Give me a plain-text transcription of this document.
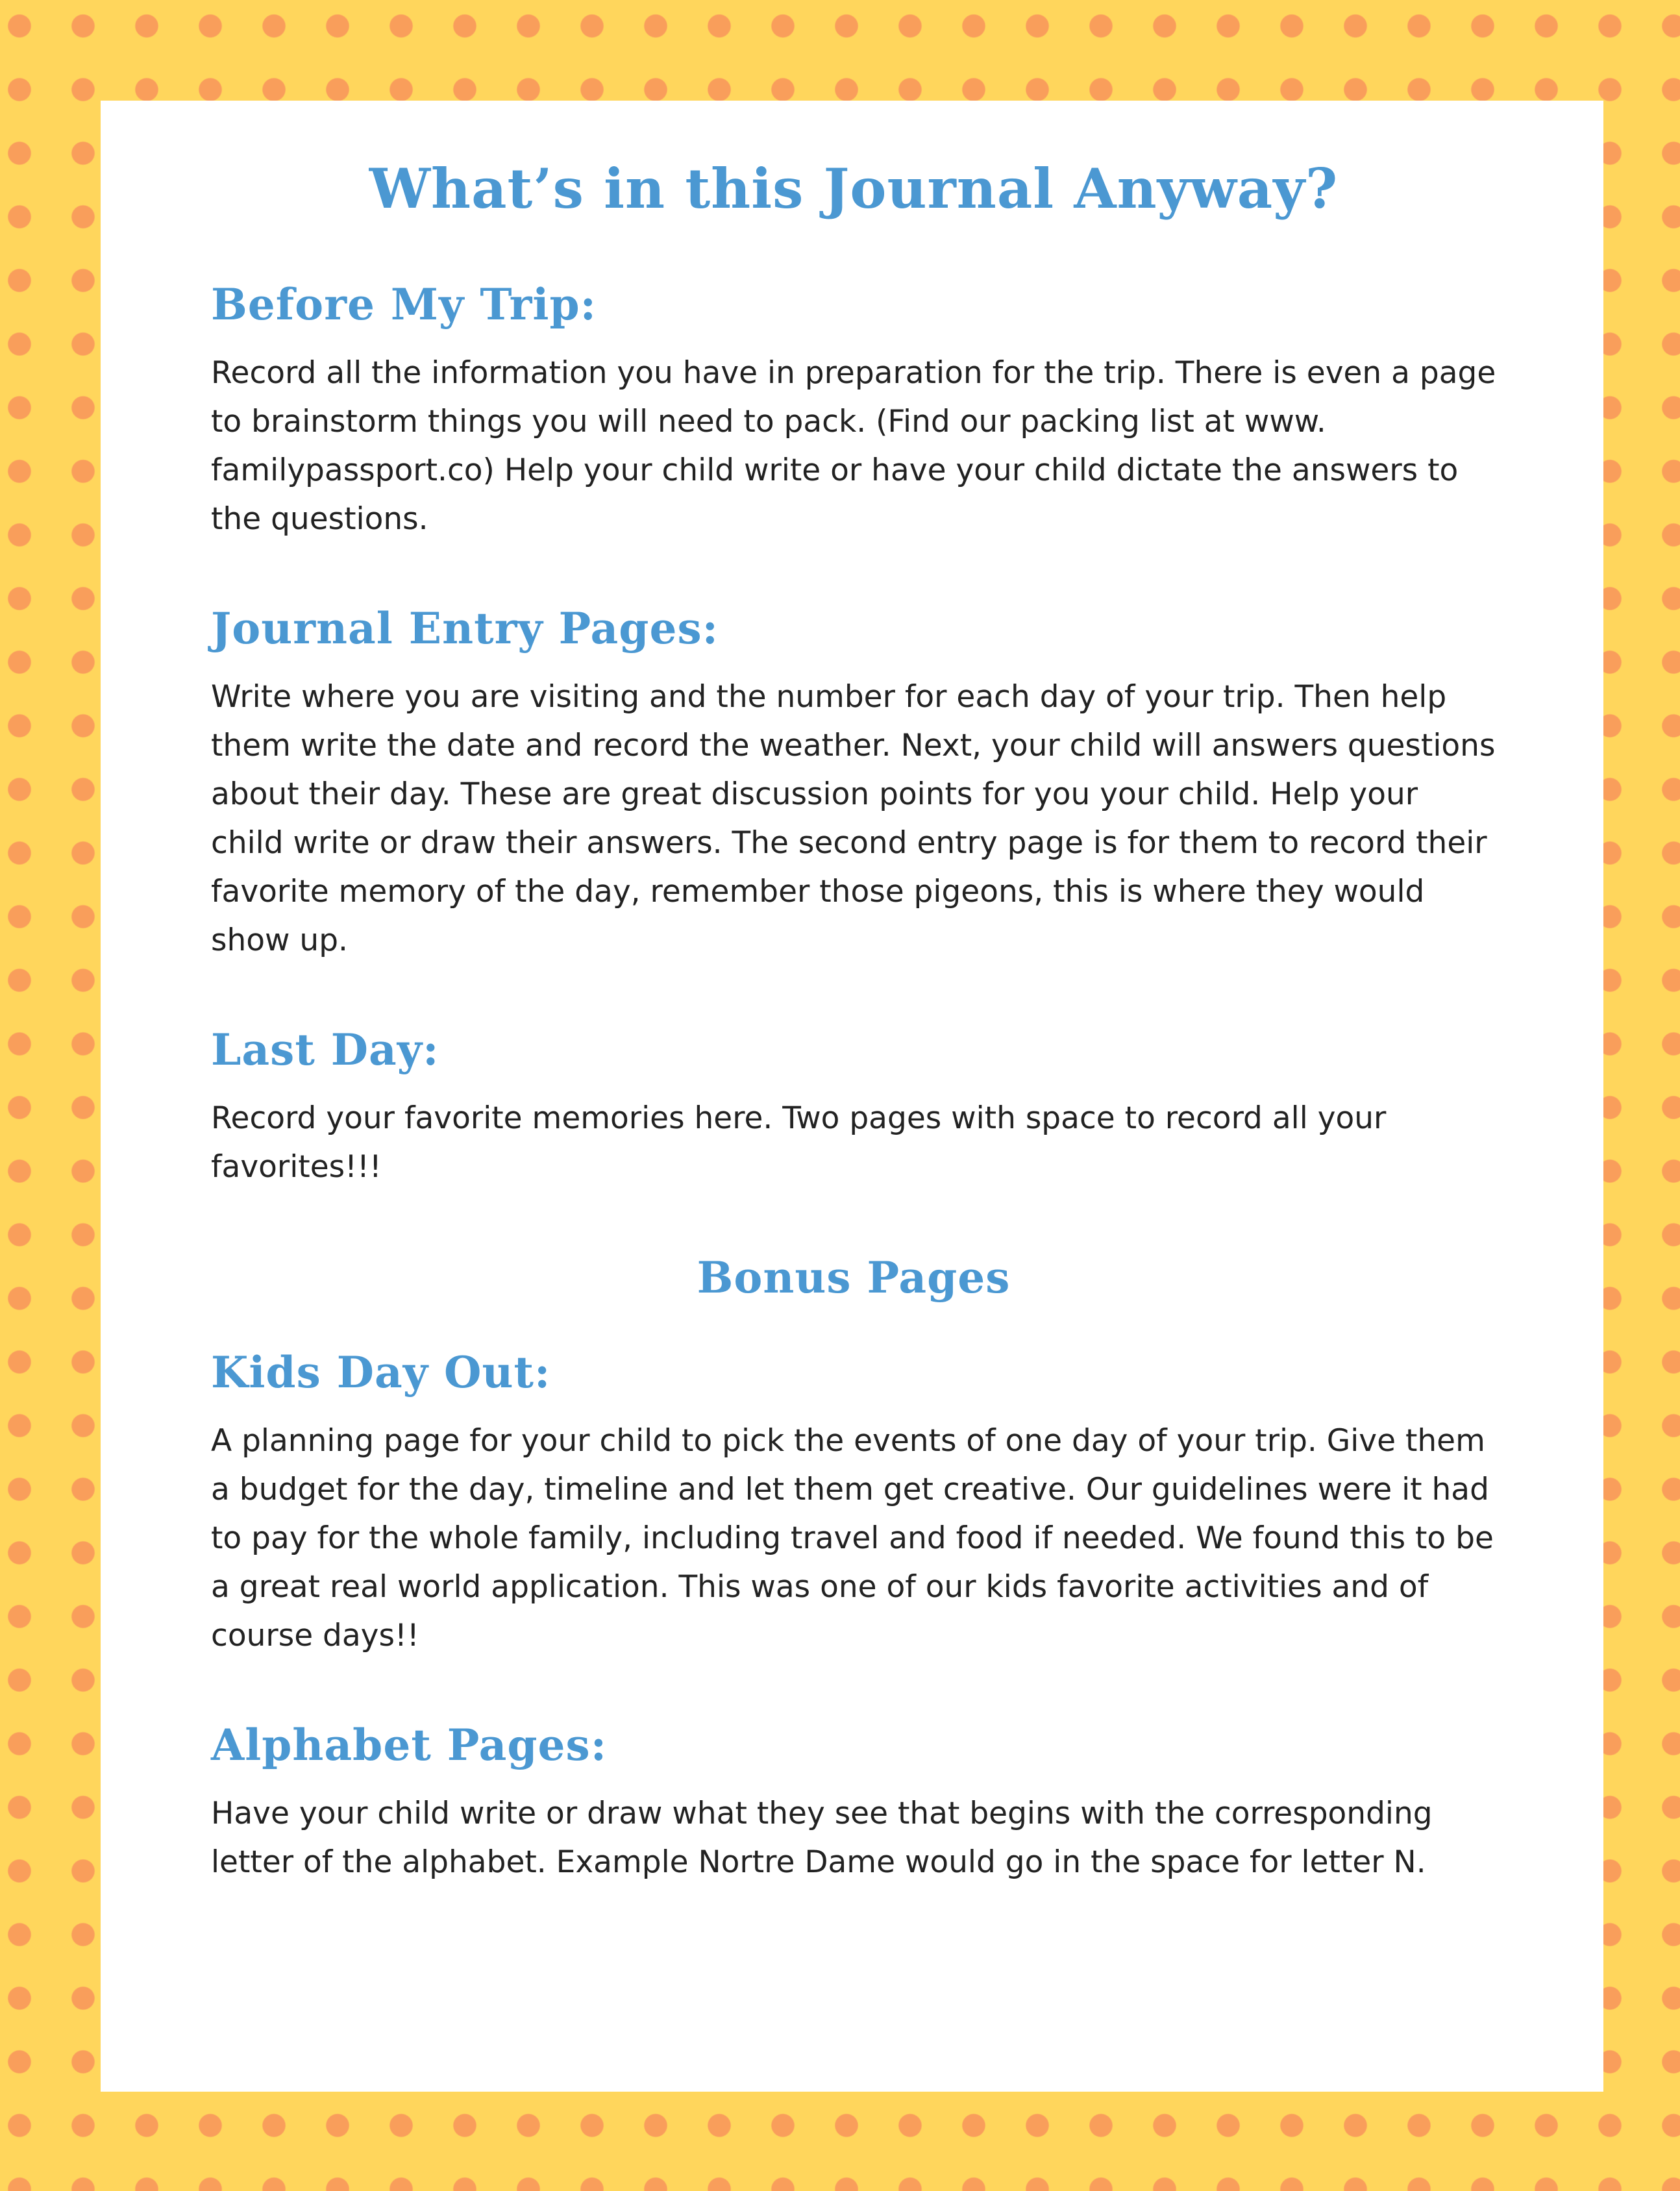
What’s in this Journal Anyway?
Before My Trip:

Record all the information you have in preparation for the trip. There is even a page to brainstorm things you will need to pack. (Find our packing list at www. familypassport.co) Help your child write or have your child dictate the answers to the questions.

Journal Entry Pages:

Write where you are visiting and the number for each day of your trip. Then help them write the date and record the weather. Next, your child will answers questions about their day. These are great discussion points for you your child. Help your child write or draw their answers. The second entry page is for them to record their favorite memory of the day, remember those pigeons, this is where they would show up.

Last Day:

Record your favorite memories here. Two pages with space to record all your favorites!!!

Bonus Pages
Kids Day Out:

A planning page for your child to pick the events of one day of your trip. Give them a budget for the day, timeline and let them get creative. Our guidelines were it had to pay for the whole family, including travel and food if needed. We found this to be a great real world application. This was one of our kids favorite activities and of course days!!

Alphabet Pages:

Have your child write or draw what they see that begins with the corresponding letter of the alphabet. Example Nortre Dame would go in the space for letter N.
